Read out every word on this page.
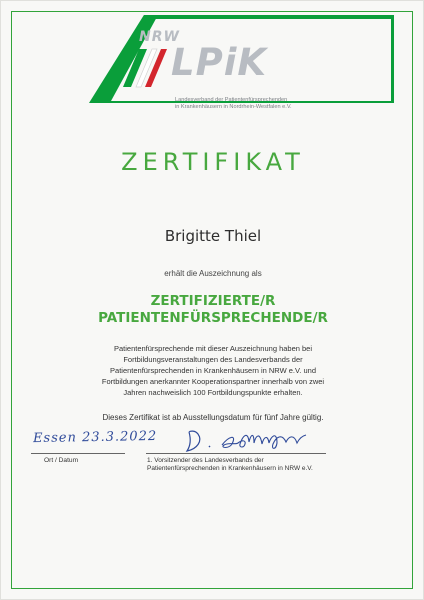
NRW
LPiK
Landesverband der Patientenfürsprechenden
in Krankenhäusern in Nordrhein-Westfalen e.V.
ZERTIFIKAT
Brigitte Thiel
erhält die Auszeichnung als
ZERTIFIZIERTE/R
PATIENTENFÜRSPRECHENDE/R
Patientenfürsprechende mit dieser Auszeichnung haben bei
Fortbildungsveranstaltungen des Landesverbands der
Patientenfürsprechenden in Krankenhäusern in NRW e.V. und
Fortbildungen anerkannter Kooperationspartner innerhalb von zwei
Jahren nachweislich 100 Fortbildungspunkte erhalten.
Dieses Zertifikat ist ab Ausstellungsdatum für fünf Jahre gültig.
Essen 23.3.2022
Ort / Datum	1. Vorsitzender des Landesverbands der
Patientenfürsprechenden in Krankenhäusern in NRW e.V.
